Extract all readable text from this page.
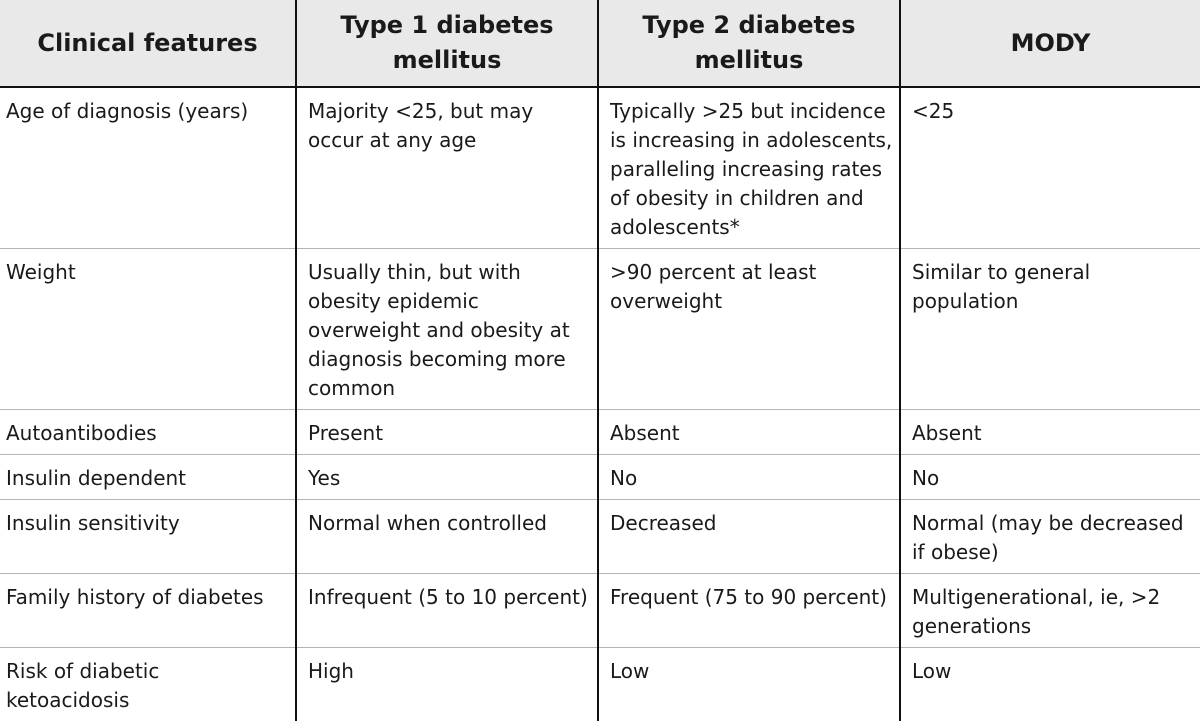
Clinical features	Type 1 diabetes mellitus	Type 2 diabetes mellitus	MODY
Age of diagnosis (years)	Majority <25, but may occur at any age	Typically >25 but incidence is increasing in adolescents, paralleling increasing rates of obesity in children and adolescents*	<25
Weight	Usually thin, but with obesity epidemic overweight and obesity at diagnosis becoming more common	>90 percent at least overweight	Similar to general population
Autoantibodies	Present	Absent	Absent
Insulin dependent	Yes	No	No
Insulin sensitivity	Normal when controlled	Decreased	Normal (may be decreased if obese)
Family history of diabetes	Infrequent (5 to 10 percent)	Frequent (75 to 90 percent)	Multigenerational, ie, >2 generations
Risk of diabetic ketoacidosis	High	Low	Low
